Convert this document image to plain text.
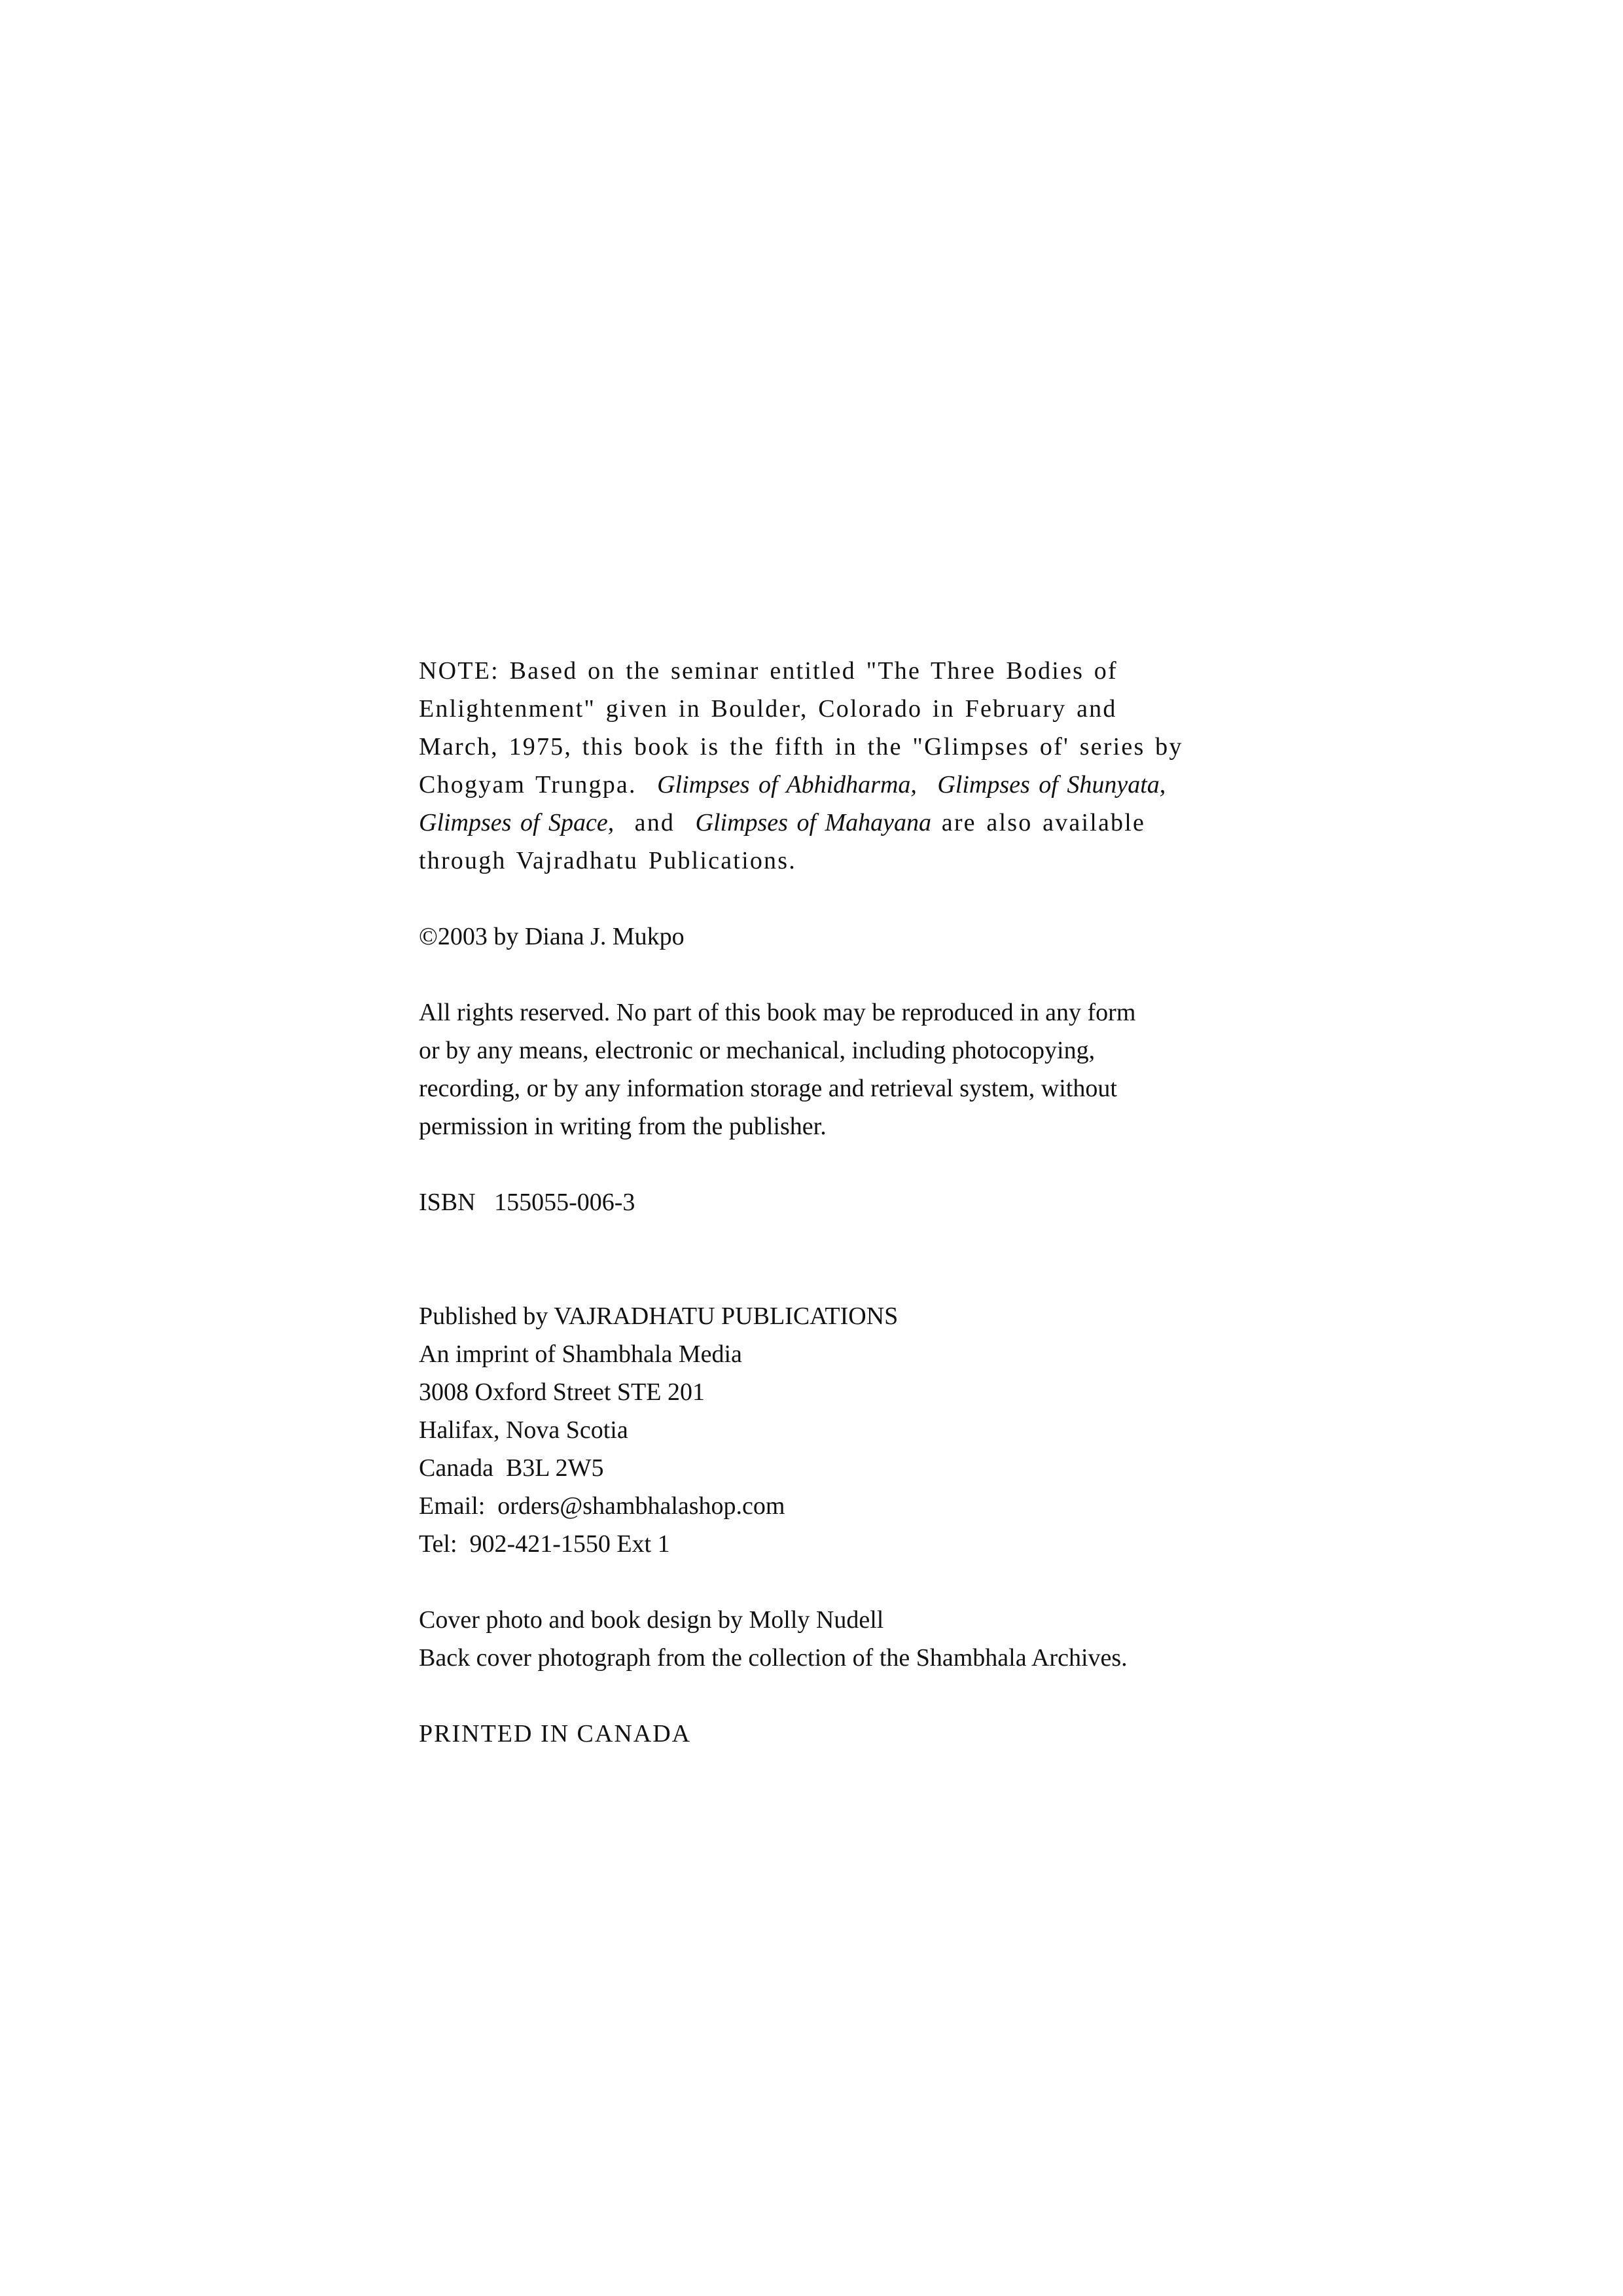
NOTE: Based on the seminar entitled "The Three Bodies of
Enlightenment" given in Boulder, Colorado in February and
March, 1975, this book is the fifth in the "Glimpses of' series by
Chogyam Trungpa. Glimpses of Abhidharma, Glimpses of Shunyata,
Glimpses of Space, and Glimpses of Mahayana are also available
through Vajradhatu Publications.
©2003 by Diana J. Mukpo
All rights reserved. No part of this book may be reproduced in any form
or by any means, electronic or mechanical, including photocopying,
recording, or by any information storage and retrieval system, without
permission in writing from the publisher.
ISBN   155055-006-3
Published by VAJRADHATU PUBLICATIONS
An imprint of Shambhala Media
3008 Oxford Street STE 201
Halifax, Nova Scotia
Canada  B3L 2W5
Email:  orders@shambhalashop.com
Tel:  902-421-1550 Ext 1
Cover photo and book design by Molly Nudell
Back cover photograph from the collection of the Shambhala Archives.
PRINTED IN CANADA
